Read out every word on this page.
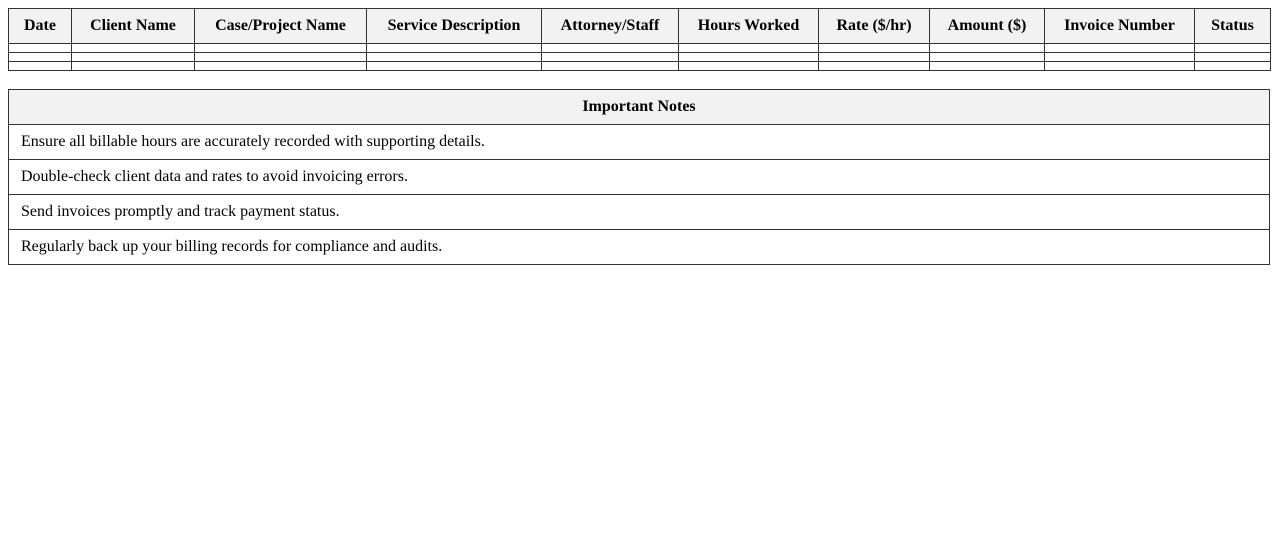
Date	Client Name	Case/Project Name	Service Description	Attorney/Staff	Hours Worked	Rate ($/hr)	Amount ($)	Invoice Number	Status

Important Notes
Ensure all billable hours are accurately recorded with supporting details.
Double-check client data and rates to avoid invoicing errors.
Send invoices promptly and track payment status.
Regularly back up your billing records for compliance and audits.
